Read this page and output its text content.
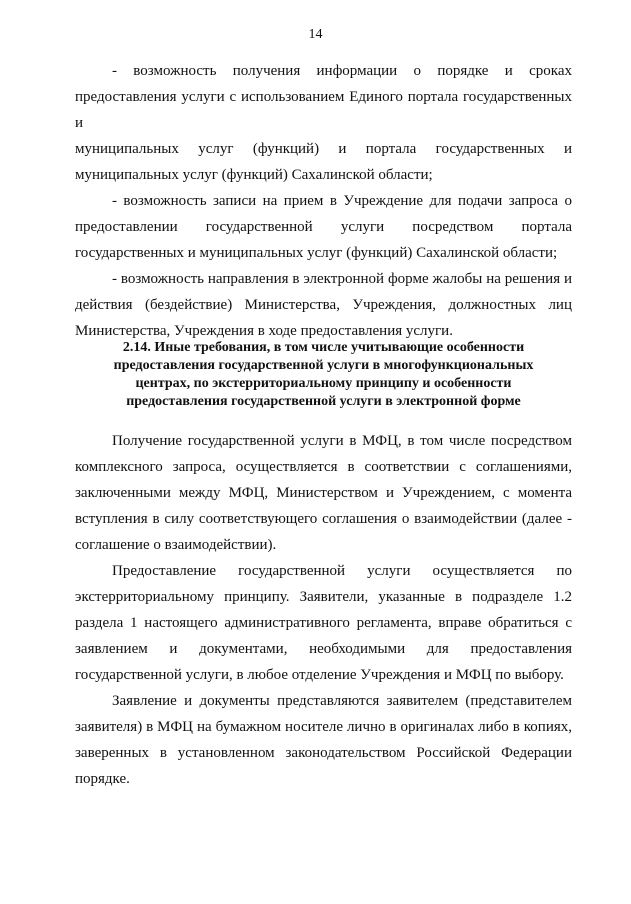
14

- возможность получения информации о порядке и сроках

предоставления услуги с использованием Единого портала государственных и

муниципальных услуг (функций) и портала государственных и

муниципальных услуг (функций) Сахалинской области;

- возможность записи на прием в Учреждение для подачи запроса о

предоставлении государственной услуги посредством портала

государственных и муниципальных услуг (функций) Сахалинской области;

- возможность направления в электронной форме жалобы на решения и

действия (бездействие) Министерства, Учреждения, должностных лиц

Министерства, Учреждения в ходе предоставления услуги.

2.14. Иные требования, в том числе учитывающие особенности
предоставления государственной услуги в многофункциональных
центрах, по экстерриториальному принципу и особенности
предоставления государственной услуги в электронной форме

Получение государственной услуги в МФЦ, в том числе посредством

комплексного запроса, осуществляется в соответствии с соглашениями,

заключенными между МФЦ, Министерством и Учреждением, с момента

вступления в силу соответствующего соглашения о взаимодействии (далее -

соглашение о взаимодействии).

Предоставление государственной услуги осуществляется по

экстерриториальному принципу. Заявители, указанные в подразделе 1.2

раздела 1 настоящего административного регламента, вправе обратиться с

заявлением и документами, необходимыми для предоставления

государственной услуги, в любое отделение Учреждения и МФЦ по выбору.

Заявление и документы представляются заявителем (представителем

заявителя) в МФЦ на бумажном носителе лично в оригиналах либо в копиях,

заверенных в установленном законодательством Российской Федерации

порядке.
